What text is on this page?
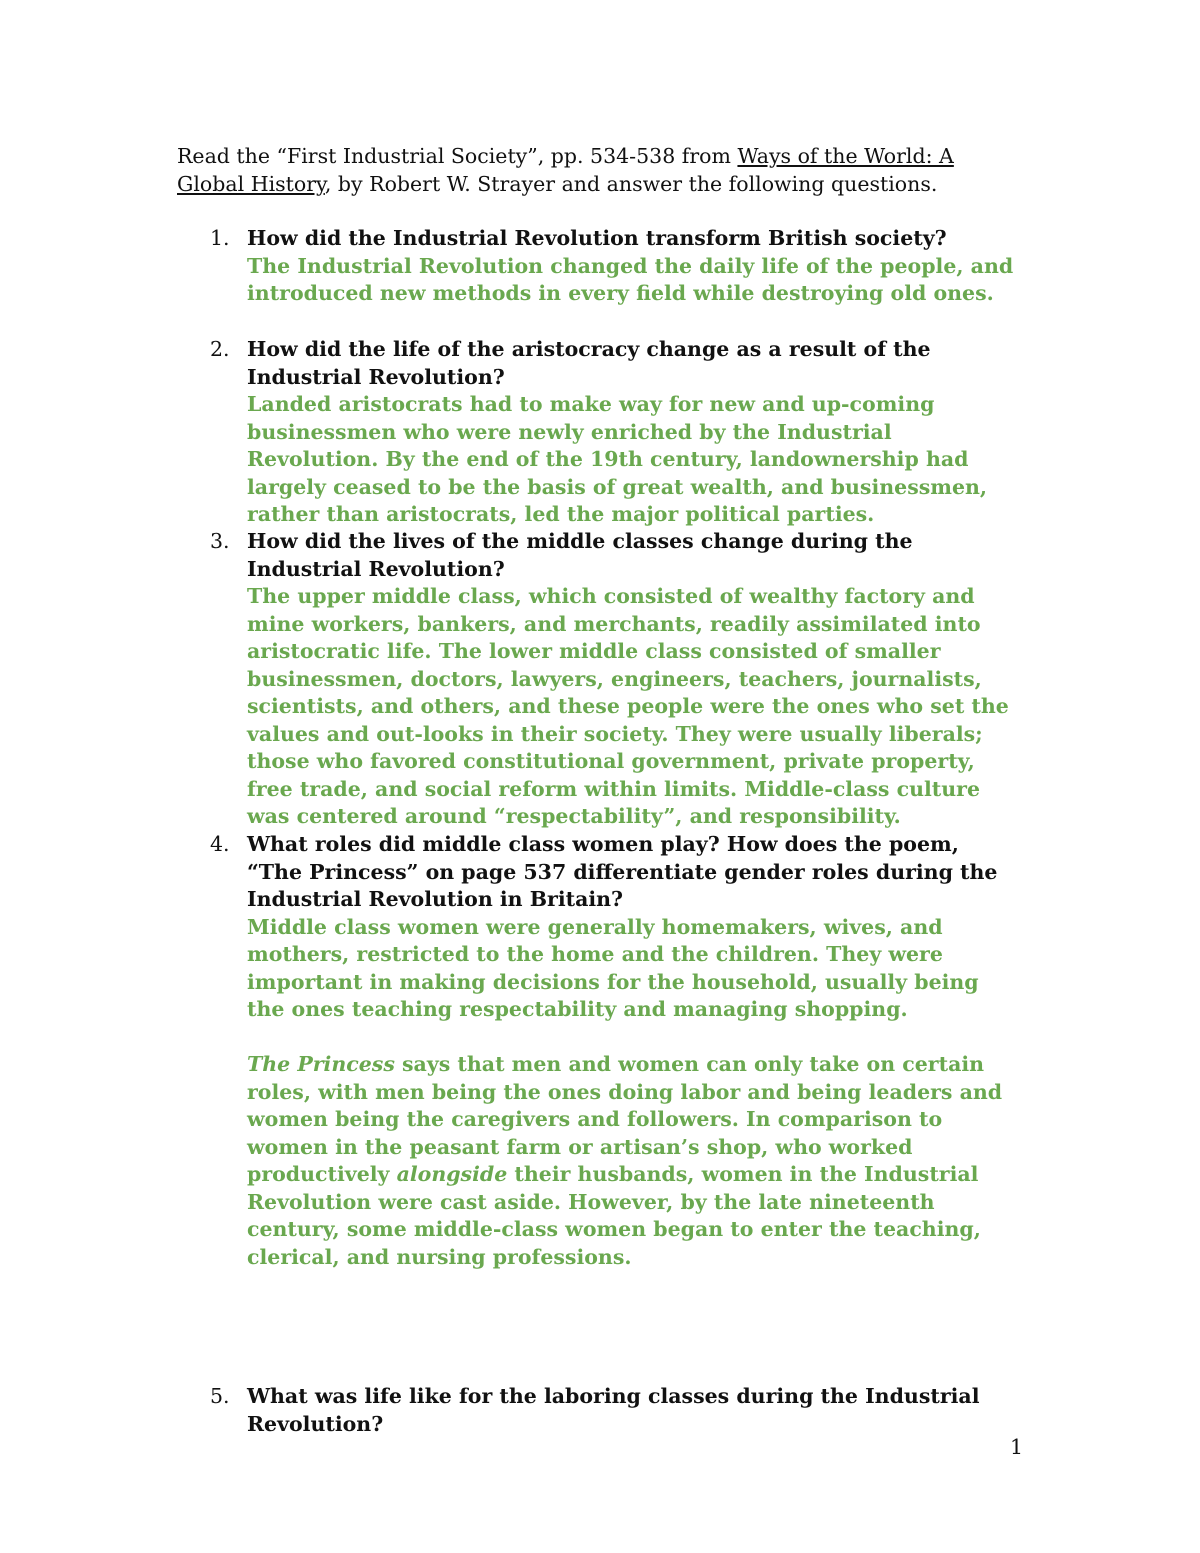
Read the “First Industrial Society”, pp. 534-538 from Ways of the World: A Global History, by Robert W. Strayer and answer the following questions.
1. How did the Industrial Revolution transform British society?

The Industrial Revolution changed the daily life of the people, and introduced new methods in every field while destroying old ones.

2. How did the life of the aristocracy change as a result of the Industrial Revolution?

Landed aristocrats had to make way for new and up-coming businessmen who were newly enriched by the Industrial Revolution. By the end of the 19th century, landownership had largely ceased to be the basis of great wealth, and businessmen, rather than aristocrats, led the major political parties.

3. How did the lives of the middle classes change during the Industrial Revolution?

The upper middle class, which consisted of wealthy factory and mine workers, bankers, and merchants, readily assimilated into aristocratic life. The lower middle class consisted of smaller businessmen, doctors, lawyers, engineers, teachers, journalists, scientists, and others, and these people were the ones who set the values and out-looks in their society. They were usually liberals; those who favored constitutional government, private property, free trade, and social reform within limits. Middle-class culture was centered around “respectability”, and responsibility.

4. What roles did middle class women play? How does the poem, “The Princess” on page 537 differentiate gender roles during the Industrial Revolution in Britain?

Middle class women were generally homemakers, wives, and mothers, restricted to the home and the children. They were important in making decisions for the household, usually being the ones teaching respectability and managing shopping.

The Princess says that men and women can only take on certain roles, with men being the ones doing labor and being leaders and women being the caregivers and followers. In comparison to women in the peasant farm or artisan’s shop, who worked productively alongside their husbands, women in the Industrial Revolution were cast aside. However, by the late nineteenth century, some middle-class women began to enter the teaching, clerical, and nursing professions.

5. What was life like for the laboring classes during the Industrial Revolution?
1
